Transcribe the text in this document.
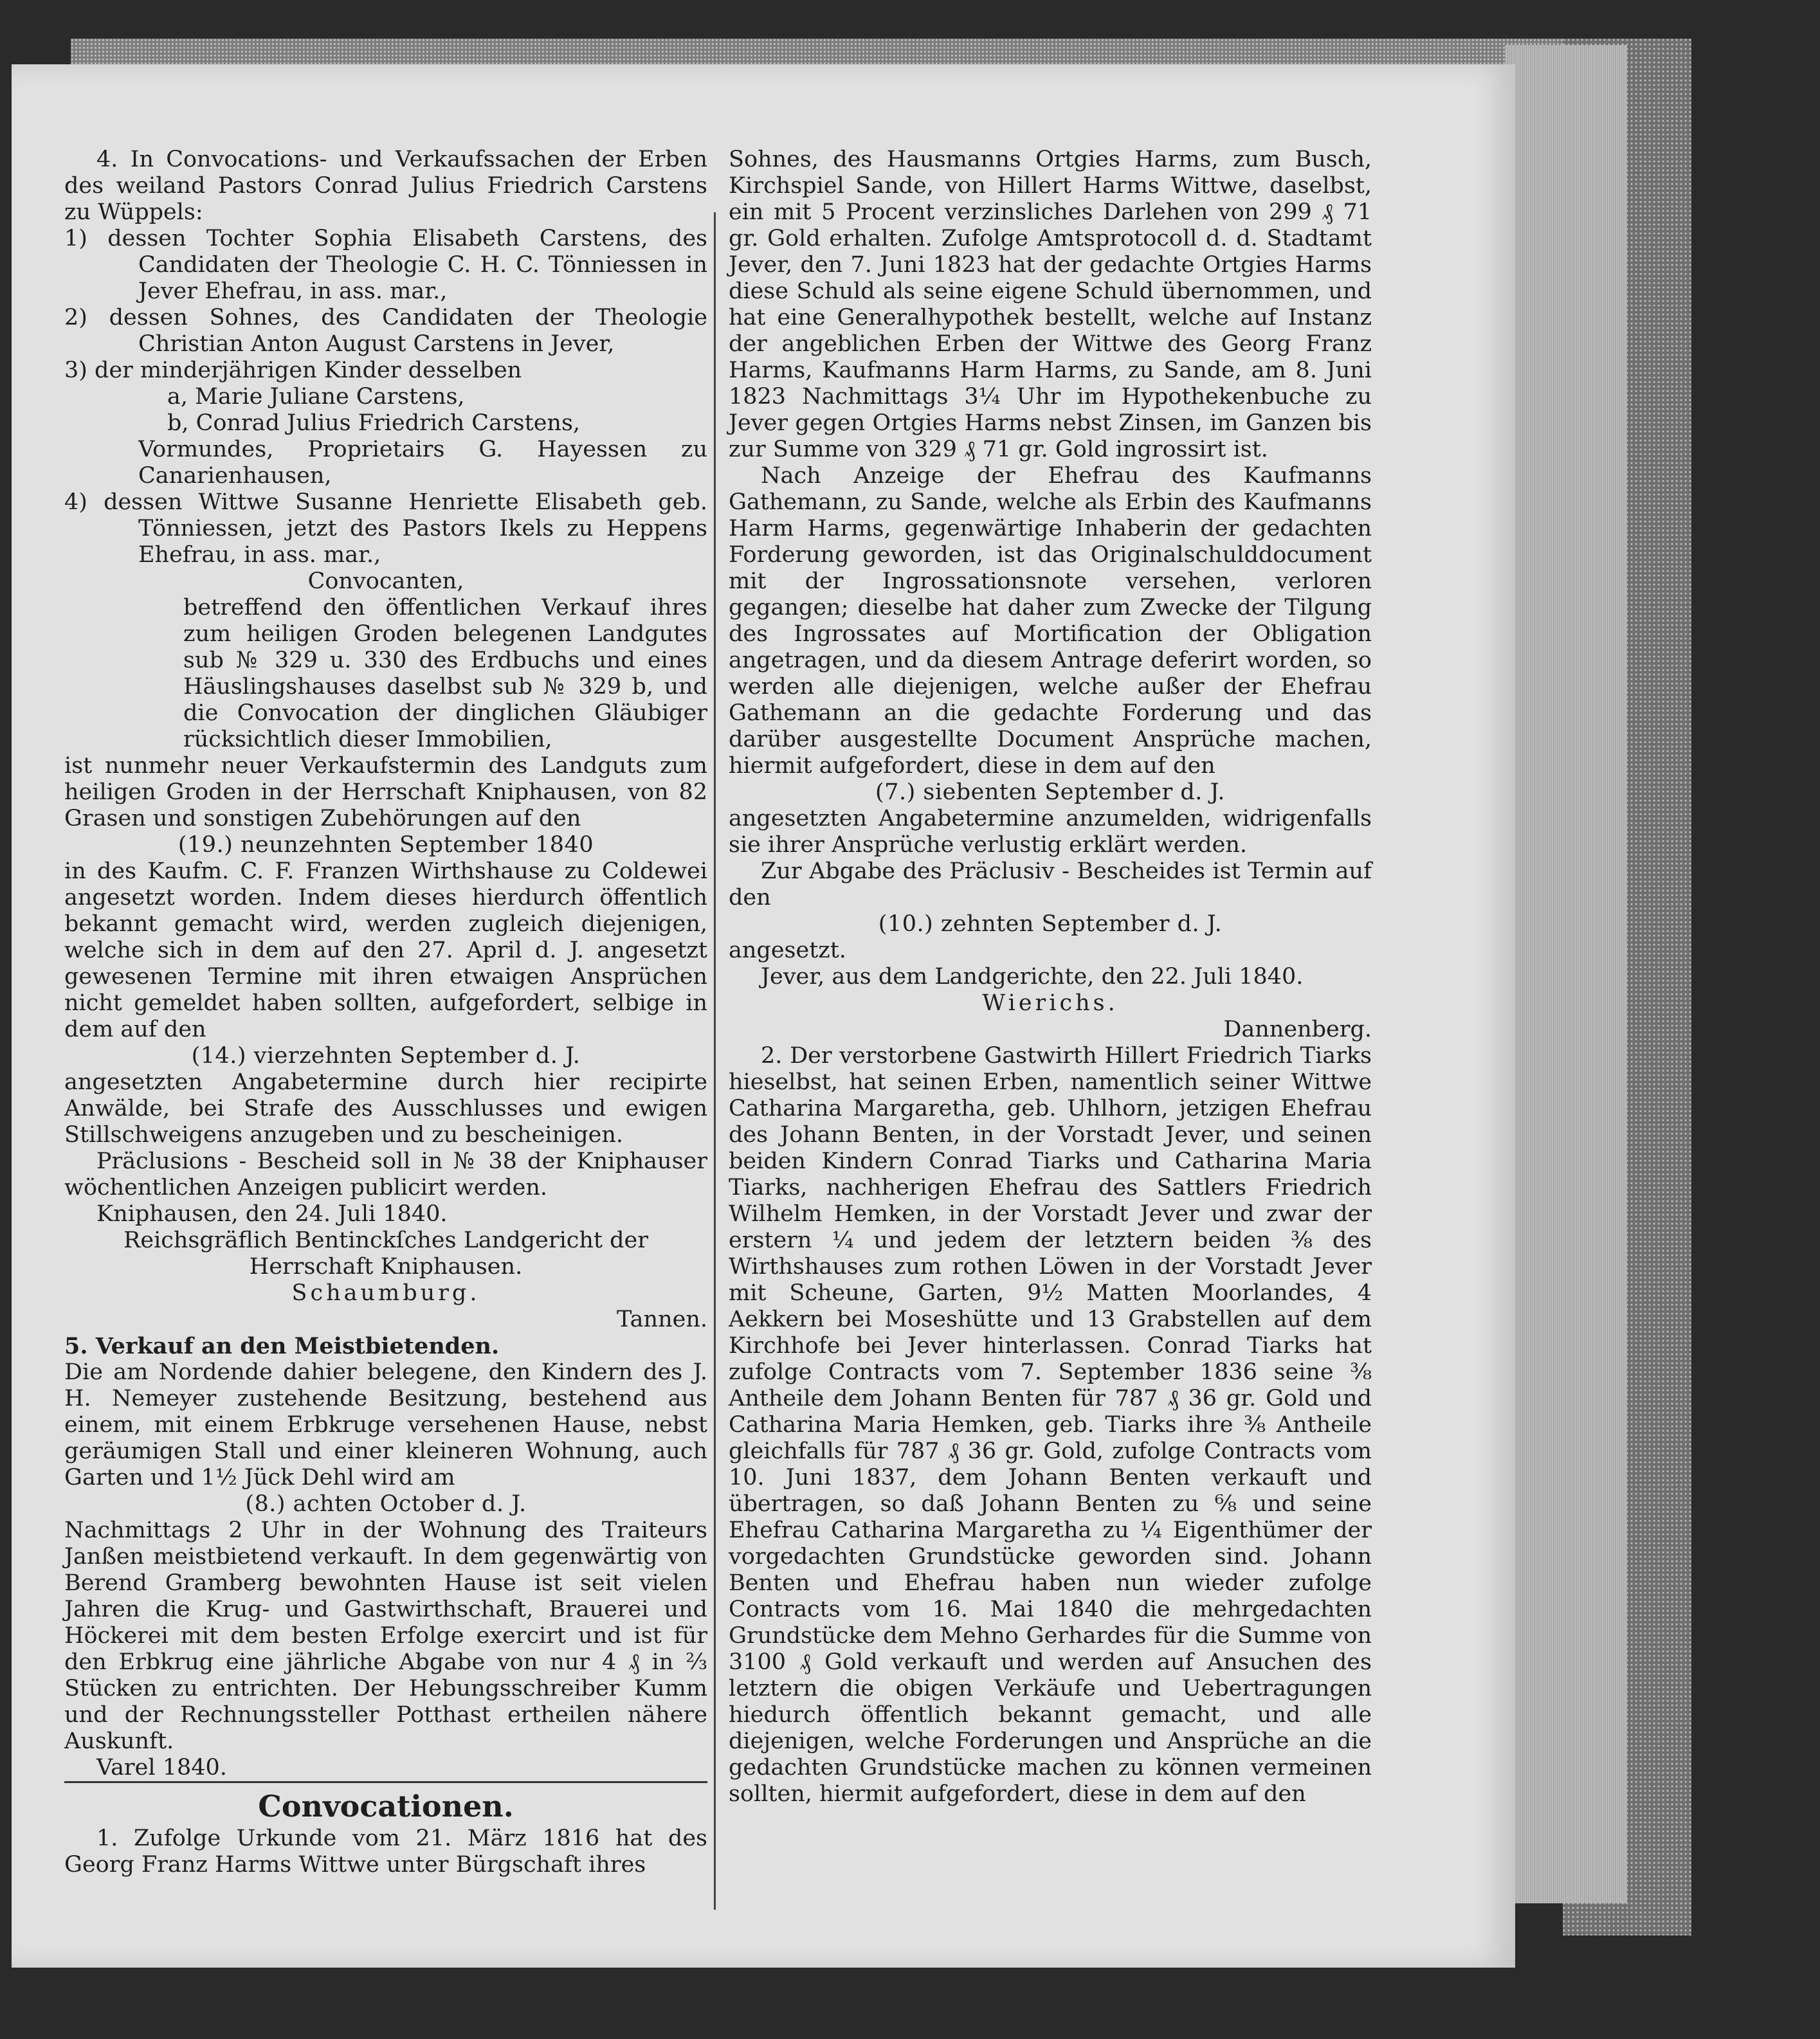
4. In Convocations- und Verkaufssachen der Erben des weiland Pastors Conrad Julius Friedrich Carstens zu Wüppels:

1) dessen Tochter Sophia Elisabeth Carstens, des Candidaten der Theologie C. H. C. Tönniessen in Jever Ehefrau, in ass. mar.,

2) dessen Sohnes, des Candidaten der Theologie Christian Anton August Carstens in Jever,

3) der minderjährigen Kinder desselben

a, Marie Juliane Carstens,

b, Conrad Julius Friedrich Carstens,

Vormundes, Proprietairs G. Hayessen zu Canarienhausen,

4) dessen Wittwe Susanne Henriette Elisabeth geb. Tönniessen, jetzt des Pastors Ikels zu Heppens Ehefrau, in ass. mar.,

Convocanten,

betreffend den öffentlichen Verkauf ihres zum heiligen Groden belegenen Landgutes sub № 329 u. 330 des Erdbuchs und eines Häuslingshauses daselbst sub № 329 b, und die Convocation der dinglichen Gläubiger rücksichtlich dieser Immobilien,

ist nunmehr neuer Verkaufstermin des Landguts zum heiligen Groden in der Herrschaft Kniphausen, von 82 Grasen und sonstigen Zubehörungen auf den

(19.) neunzehnten September 1840

in des Kaufm. C. F. Franzen Wirthshause zu Coldewei angesetzt worden. Indem dieses hierdurch öffentlich bekannt gemacht wird, werden zugleich diejenigen, welche sich in dem auf den 27. April d. J. angesetzt gewesenen Termine mit ihren etwaigen Ansprüchen nicht gemeldet haben sollten, aufgefordert, selbige in dem auf den

(14.) vierzehnten September d. J.

angesetzten Angabetermine durch hier recipirte Anwälde, bei Strafe des Ausschlusses und ewigen Stillschweigens anzugeben und zu bescheinigen.

Präclusions - Bescheid soll in № 38 der Kniphauser wöchentlichen Anzeigen publicirt werden.

Kniphausen, den 24. Juli 1840.

Reichsgräflich Bentinckſches Landgericht der Herrschaft Kniphausen.

Schaumburg.

Tannen.

5. Verkauf an den Meistbietenden.

Die am Nordende dahier belegene, den Kindern des J. H. Nemeyer zustehende Besitzung, bestehend aus einem, mit einem Erbkruge versehenen Hause, nebst geräumigen Stall und einer kleineren Wohnung, auch Garten und 1½ Jück Dehl wird am

(8.) achten October d. J.

Nachmittags 2 Uhr in der Wohnung des Traiteurs Janßen meistbietend verkauft. In dem gegenwärtig von Berend Gramberg bewohnten Hause ist seit vielen Jahren die Krug- und Gastwirthschaft, Brauerei und Höckerei mit dem besten Erfolge exercirt und ist für den Erbkrug eine jährliche Abgabe von nur 4 ₰ in ⅔ Stücken zu entrichten. Der Hebungsschreiber Kumm und der Rechnungssteller Potthast ertheilen nähere Auskunft.

Varel 1840.

Convocationen.

1. Zufolge Urkunde vom 21. März 1816 hat des Georg Franz Harms Wittwe unter Bürgschaft ihres

Sohnes, des Hausmanns Ortgies Harms, zum Busch, Kirchspiel Sande, von Hillert Harms Wittwe, daselbst, ein mit 5 Procent verzinsliches Darlehen von 299 ₰ 71 gr. Gold erhalten. Zufolge Amtsprotocoll d. d. Stadtamt Jever, den 7. Juni 1823 hat der gedachte Ortgies Harms diese Schuld als seine eigene Schuld übernommen, und hat eine Generalhypothek bestellt, welche auf Instanz der angeblichen Erben der Wittwe des Georg Franz Harms, Kaufmanns Harm Harms, zu Sande, am 8. Juni 1823 Nachmittags 3¼ Uhr im Hypothekenbuche zu Jever gegen Ortgies Harms nebst Zinsen, im Ganzen bis zur Summe von 329 ₰ 71 gr. Gold ingrossirt ist.

Nach Anzeige der Ehefrau des Kaufmanns Gathemann, zu Sande, welche als Erbin des Kaufmanns Harm Harms, gegenwärtige Inhaberin der gedachten Forderung geworden, ist das Originalschulddocument mit der Ingrossationsnote versehen, verloren gegangen; dieselbe hat daher zum Zwecke der Tilgung des Ingrossates auf Mortification der Obligation angetragen, und da diesem Antrage deferirt worden, so werden alle diejenigen, welche außer der Ehefrau Gathemann an die gedachte Forderung und das darüber ausgestellte Document Ansprüche machen, hiermit aufgefordert, diese in dem auf den

(7.) siebenten September d. J.

angesetzten Angabetermine anzumelden, widrigenfalls sie ihrer Ansprüche verlustig erklärt werden.

Zur Abgabe des Präclusiv - Bescheides ist Termin auf den

(10.) zehnten September d. J.

angesetzt.

Jever, aus dem Landgerichte, den 22. Juli 1840.

Wierichs.

Dannenberg.

2. Der verstorbene Gastwirth Hillert Friedrich Tiarks hieselbst, hat seinen Erben, namentlich seiner Wittwe Catharina Margaretha, geb. Uhlhorn, jetzigen Ehefrau des Johann Benten, in der Vorstadt Jever, und seinen beiden Kindern Conrad Tiarks und Catharina Maria Tiarks, nachherigen Ehefrau des Sattlers Friedrich Wilhelm Hemken, in der Vorstadt Jever und zwar der erstern ¼ und jedem der letztern beiden ⅜ des Wirthshauses zum rothen Löwen in der Vorstadt Jever mit Scheune, Garten, 9½ Matten Moorlandes, 4 Aekkern bei Moseshütte und 13 Grabstellen auf dem Kirchhofe bei Jever hinterlassen. Conrad Tiarks hat zufolge Contracts vom 7. September 1836 seine ⅜ Antheile dem Johann Benten für 787 ₰ 36 gr. Gold und Catharina Maria Hemken, geb. Tiarks ihre ⅜ Antheile gleichfalls für 787 ₰ 36 gr. Gold, zufolge Contracts vom 10. Juni 1837, dem Johann Benten verkauft und übertragen, so daß Johann Benten zu ⁶⁄₈ und seine Ehefrau Catharina Margaretha zu ¼ Eigenthümer der vorgedachten Grundstücke geworden sind. Johann Benten und Ehefrau haben nun wieder zufolge Contracts vom 16. Mai 1840 die mehrgedachten Grundstücke dem Mehno Gerhardes für die Summe von 3100 ₰ Gold verkauft und werden auf Ansuchen des letztern die obigen Verkäufe und Uebertragungen hiedurch öffentlich bekannt gemacht, und alle diejenigen, welche Forderungen und Ansprüche an die gedachten Grundstücke machen zu können vermeinen sollten, hiermit aufgefordert, diese in dem auf den
